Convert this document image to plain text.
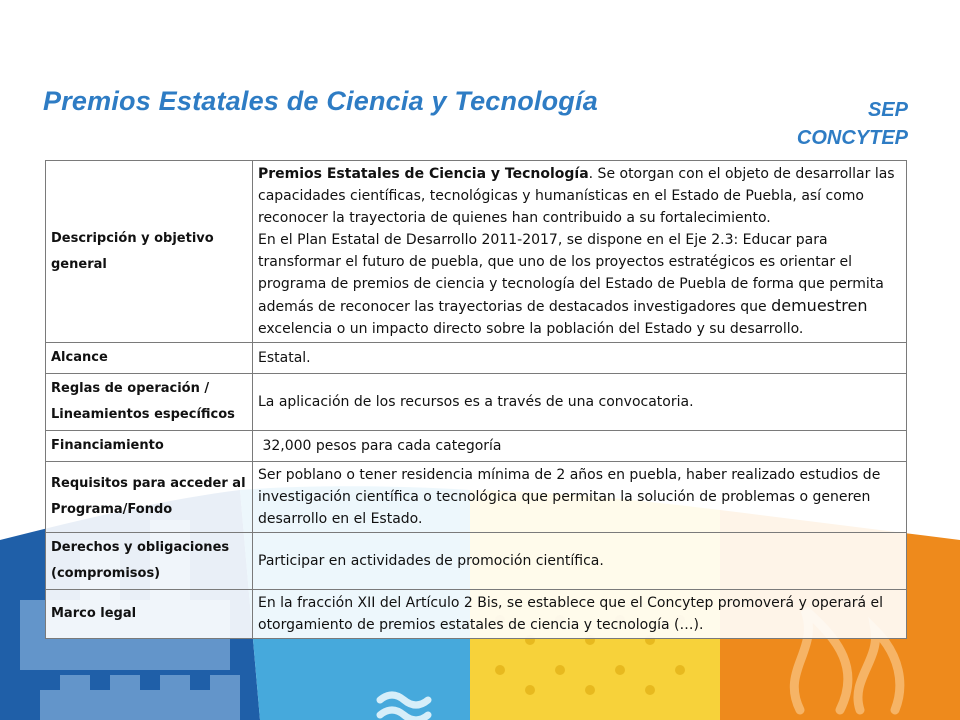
Premios Estatales de Ciencia y Tecnología	SEP
CONCYTEP
Descripción y objetivo general	Premios Estatales de Ciencia y Tecnología. Se otorgan con el objeto de desarrollar las capacidades científicas, tecnológicas y humanísticas en el Estado de Puebla, así como reconocer la trayectoria de quienes han contribuido a su fortalecimiento.
En el Plan Estatal de Desarrollo 2011-2017, se dispone en el Eje 2.3: Educar para transformar el futuro de puebla, que uno de los proyectos estratégicos es orientar el programa de premios de ciencia y tecnología del Estado de Puebla de forma que permita además de reconocer las trayectorias de destacados investigadores que demuestren excelencia o un impacto directo sobre la población del Estado y su desarrollo.
Alcance	Estatal.
Reglas de operación / Lineamientos específicos	La aplicación de los recursos es a través de una convocatoria.
Financiamiento	32,000 pesos para cada categoría
Requisitos para acceder al Programa/Fondo	Ser poblano o tener residencia mínima de 2 años en puebla, haber realizado estudios de investigación científica o tecnológica que permitan la solución de problemas o generen desarrollo en el Estado.
Derechos y obligaciones (compromisos)	Participar en actividades de promoción científica.
Marco legal	En la fracción XII del Artículo 2 Bis, se establece que el Concytep promoverá y operará el otorgamiento de premios estatales de ciencia y tecnología (…).
